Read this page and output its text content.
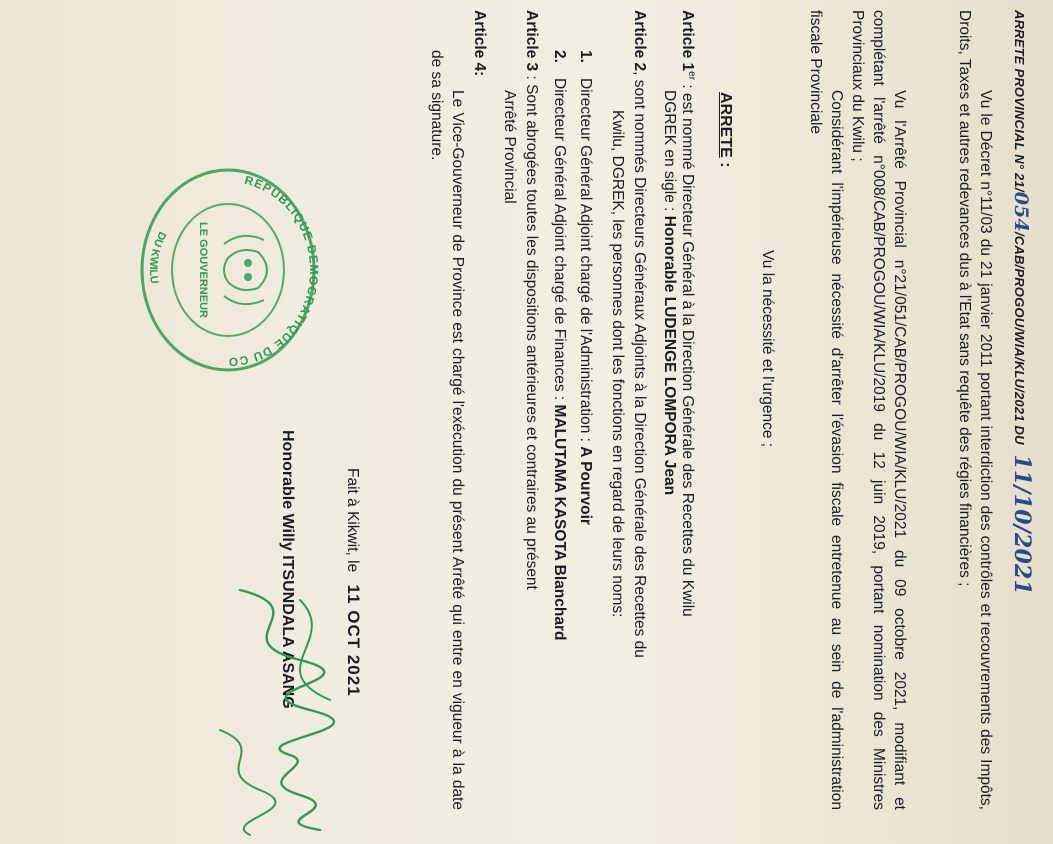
ARRETE PROVINCIAL N° 21/054/CAB/PROGOU/WIA/KLU/2021 DU 11/10/2021
Vu le Décret n°11/03 du 21 janvier 2011 portant interdiction des contrôles et recouvrements des Impôts, Droits, Taxes et autres redevances dus à l'Etat sans requête des régies financières ;
Vu l'Arrêté Provincial n°21/051/CAB/PROGOU/WIA/KLU/2021 du 09 octobre 2021, modifiant et complétant l'arrêté n°008/CAB/PROGOU/WIA/KLU/2019 du 12 juin 2019, portant nomination des Ministres Provinciaux du Kwilu ;
Considérant l'impérieuse nécessité d'arrêter l'évasion fiscale entretenue au sein de l'administration fiscale Provinciale
Vu la nécessité et l'urgence ;
ARRETE :
Article 1er : est nommé Directeur Général à la Direction Générale des Recettes du Kwilu
DGREK en sigle : Honorable LUDENGE LOMPORA Jean
Article 2, sont nommés Directeurs Généraux Adjoints à la Direction Générale des Recettes du
Kwilu, DGREK, les personnes dont les fonctions en regard de leurs noms:
1.Directeur Général Adjoint chargé de l'Administration : A Pourvoir
2.Directeur Général Adjoint chargé de Finances : MALUTAMA KASOTA Blanchard
Article 3 : Sont abrogées toutes les dispositions antérieures et contraires au présent
Arrêté Provincial
Article 4:
Le Vice-Gouverneur de Province est chargé l'exécution du présent Arrêté qui entre en vigueur à la date de sa signature.
Fait à Kikwit, le 11 OCT 2021
Honorable Willy ITSUNDALA ASANG
REPUBLIQUE DEMOCRATIQUE DU CO
DU KWILU	LE GOUVERNEUR
